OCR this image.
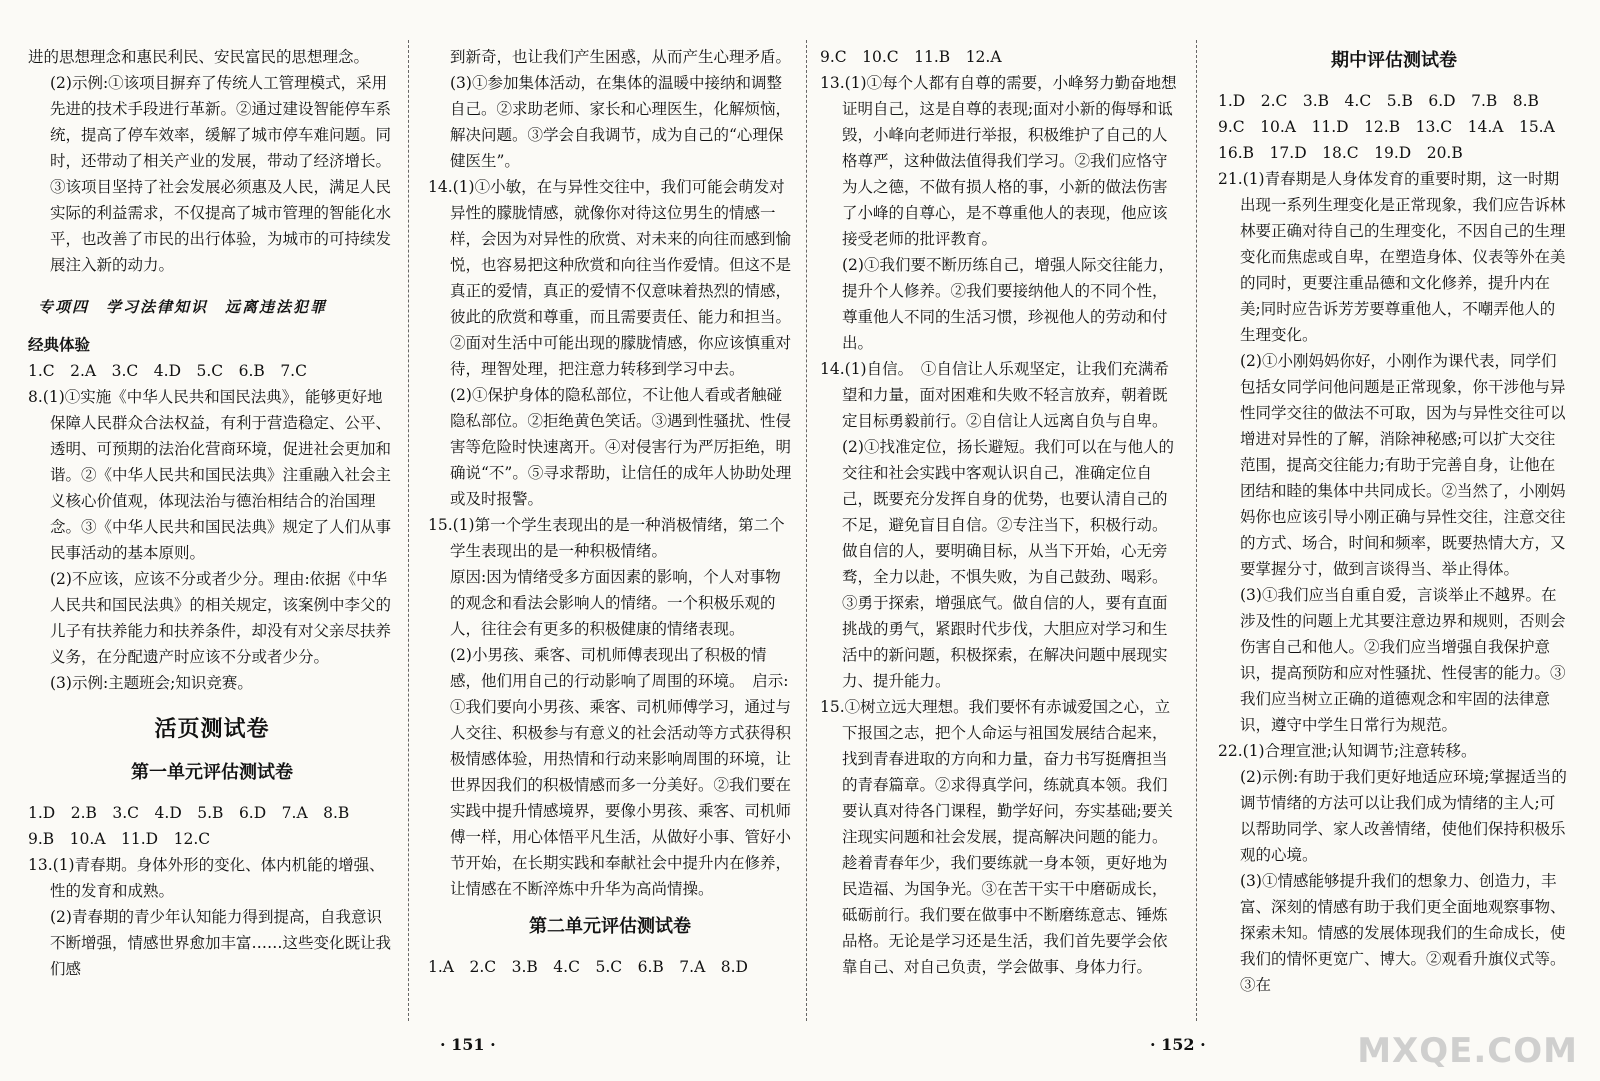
进的思想理念和惠民利民、安民富民的思想理念。

(2)示例:①该项目摒弃了传统人工管理模式，采用先进的技术手段进行革新。②通过建设智能停车系统，提高了停车效率，缓解了城市停车难问题。同时，还带动了相关产业的发展，带动了经济增长。③该项目坚持了社会发展必须惠及人民，满足人民实际的利益需求，不仅提高了城市管理的智能化水平，也改善了市民的出行体验，为城市的可持续发展注入新的动力。

专项四　学习法律知识　远离违法犯罪

经典体验

1.C　2.A　3.C　4.D　5.C　6.B　7.C

8.(1)①实施《中华人民共和国民法典》，能够更好地保障人民群众合法权益，有利于营造稳定、公平、透明、可预期的法治化营商环境，促进社会更加和谐。②《中华人民共和国民法典》注重融入社会主义核心价值观，体现法治与德治相结合的治国理念。③《中华人民共和国民法典》规定了人们从事民事活动的基本原则。

(2)不应该，应该不分或者少分。理由:依据《中华人民共和国民法典》的相关规定，该案例中李父的儿子有扶养能力和扶养条件，却没有对父亲尽扶养义务，在分配遗产时应该不分或者少分。

(3)示例:主题班会;知识竞赛。

活页测试卷

第一单元评估测试卷

1.D　2.B　3.C　4.D　5.B　6.D　7.A　8.B

9.B　10.A　11.D　12.C

13.(1)青春期。身体外形的变化、体内机能的增强、性的发育和成熟。

(2)青春期的青少年认知能力得到提高，自我意识不断增强，情感世界愈加丰富……这些变化既让我们感

到新奇，也让我们产生困惑，从而产生心理矛盾。

(3)①参加集体活动，在集体的温暖中接纳和调整自己。②求助老师、家长和心理医生，化解烦恼，解决问题。③学会自我调节，成为自己的“心理保健医生”。

14.(1)①小敏，在与异性交往中，我们可能会萌发对异性的朦胧情感，就像你对待这位男生的情感一样，会因为对异性的欣赏、对未来的向往而感到愉悦，也容易把这种欣赏和向往当作爱情。但这不是真正的爱情，真正的爱情不仅意味着热烈的情感，彼此的欣赏和尊重，而且需要责任、能力和担当。②面对生活中可能出现的朦胧情感，你应该慎重对待，理智处理，把注意力转移到学习中去。

(2)①保护身体的隐私部位，不让他人看或者触碰隐私部位。②拒绝黄色笑话。③遇到性骚扰、性侵害等危险时快速离开。④对侵害行为严厉拒绝，明确说“不”。⑤寻求帮助，让信任的成年人协助处理或及时报警。

15.(1)第一个学生表现出的是一种消极情绪，第二个学生表现出的是一种积极情绪。

原因:因为情绪受多方面因素的影响，个人对事物的观念和看法会影响人的情绪。一个积极乐观的人，往往会有更多的积极健康的情绪表现。

(2)小男孩、乘客、司机师傅表现出了积极的情感，他们用自己的行动影响了周围的环境。　启示:①我们要向小男孩、乘客、司机师傅学习，通过与人交往、积极参与有意义的社会活动等方式获得积极情感体验，用热情和行动来影响周围的环境，让世界因我们的积极情感而多一分美好。②我们要在实践中提升情感境界，要像小男孩、乘客、司机师傅一样，用心体悟平凡生活，从做好小事、管好小节开始，在长期实践和奉献社会中提升内在修养，让情感在不断淬炼中升华为高尚情操。

第二单元评估测试卷

1.A　2.C　3.B　4.C　5.C　6.B　7.A　8.D

9.C　10.C　11.B　12.A

13.(1)①每个人都有自尊的需要，小峰努力勤奋地想证明自己，这是自尊的表现;面对小新的侮辱和诋毁，小峰向老师进行举报，积极维护了自己的人格尊严，这种做法值得我们学习。②我们应恪守为人之德，不做有损人格的事，小新的做法伤害了小峰的自尊心，是不尊重他人的表现，他应该接受老师的批评教育。

(2)①我们要不断历练自己，增强人际交往能力，提升个人修养。②我们要接纳他人的不同个性，尊重他人不同的生活习惯，珍视他人的劳动和付出。

14.(1)自信。　①自信让人乐观坚定，让我们充满希望和力量，面对困难和失败不轻言放弃，朝着既定目标勇毅前行。②自信让人远离自负与自卑。

(2)①找准定位，扬长避短。我们可以在与他人的交往和社会实践中客观认识自己，准确定位自己，既要充分发挥自身的优势，也要认清自己的不足，避免盲目自信。②专注当下，积极行动。做自信的人，要明确目标，从当下开始，心无旁骛，全力以赴，不惧失败，为自己鼓劲、喝彩。③勇于探索，增强底气。做自信的人，要有直面挑战的勇气，紧跟时代步伐，大胆应对学习和生活中的新问题，积极探索，在解决问题中展现实力、提升能力。

15.①树立远大理想。我们要怀有赤诚爱国之心，立下报国之志，把个人命运与祖国发展结合起来，找到青春进取的方向和力量，奋力书写挺膺担当的青春篇章。②求得真学问，练就真本领。我们要认真对待各门课程，勤学好问，夯实基础;要关注现实问题和社会发展，提高解决问题的能力。趁着青春年少，我们要练就一身本领，更好地为民造福、为国争光。③在苦干实干中磨砺成长，砥砺前行。我们要在做事中不断磨练意志、锤炼品格。无论是学习还是生活，我们首先要学会依靠自己、对自己负责，学会做事、身体力行。

期中评估测试卷

1.D　2.C　3.B　4.C　5.B　6.D　7.B　8.B

9.C　10.A　11.D　12.B　13.C　14.A　15.A

16.B　17.D　18.C　19.D　20.B

21.(1)青春期是人身体发育的重要时期，这一时期出现一系列生理变化是正常现象，我们应告诉林林要正确对待自己的生理变化，不因自己的生理变化而焦虑或自卑，在塑造身体、仪表等外在美的同时，更要注重品德和文化修养，提升内在美;同时应告诉芳芳要尊重他人，不嘲弄他人的生理变化。

(2)①小刚妈妈你好，小刚作为课代表，同学们包括女同学问他问题是正常现象，你干涉他与异性同学交往的做法不可取，因为与异性交往可以增进对异性的了解，消除神秘感;可以扩大交往范围，提高交往能力;有助于完善自身，让他在团结和睦的集体中共同成长。②当然了，小刚妈妈你也应该引导小刚正确与异性交往，注意交往的方式、场合，时间和频率，既要热情大方，又要掌握分寸，做到言谈得当、举止得体。

(3)①我们应当自重自爱，言谈举止不越界。在涉及性的问题上尤其要注意边界和规则，否则会伤害自己和他人。②我们应当增强自我保护意识，提高预防和应对性骚扰、性侵害的能力。③我们应当树立正确的道德观念和牢固的法律意识，遵守中学生日常行为规范。

22.(1)合理宣泄;认知调节;注意转移。

(2)示例:有助于我们更好地适应环境;掌握适当的调节情绪的方法可以让我们成为情绪的主人;可以帮助同学、家人改善情绪，使他们保持积极乐观的心境。

(3)①情感能够提升我们的想象力、创造力，丰富、深刻的情感有助于我们更全面地观察事物、探索未知。情感的发展体现我们的生命成长，使我们的情怀更宽广、博大。②观看升旗仪式等。③在

· 151 ·	· 152 ·	MXQE.COM
